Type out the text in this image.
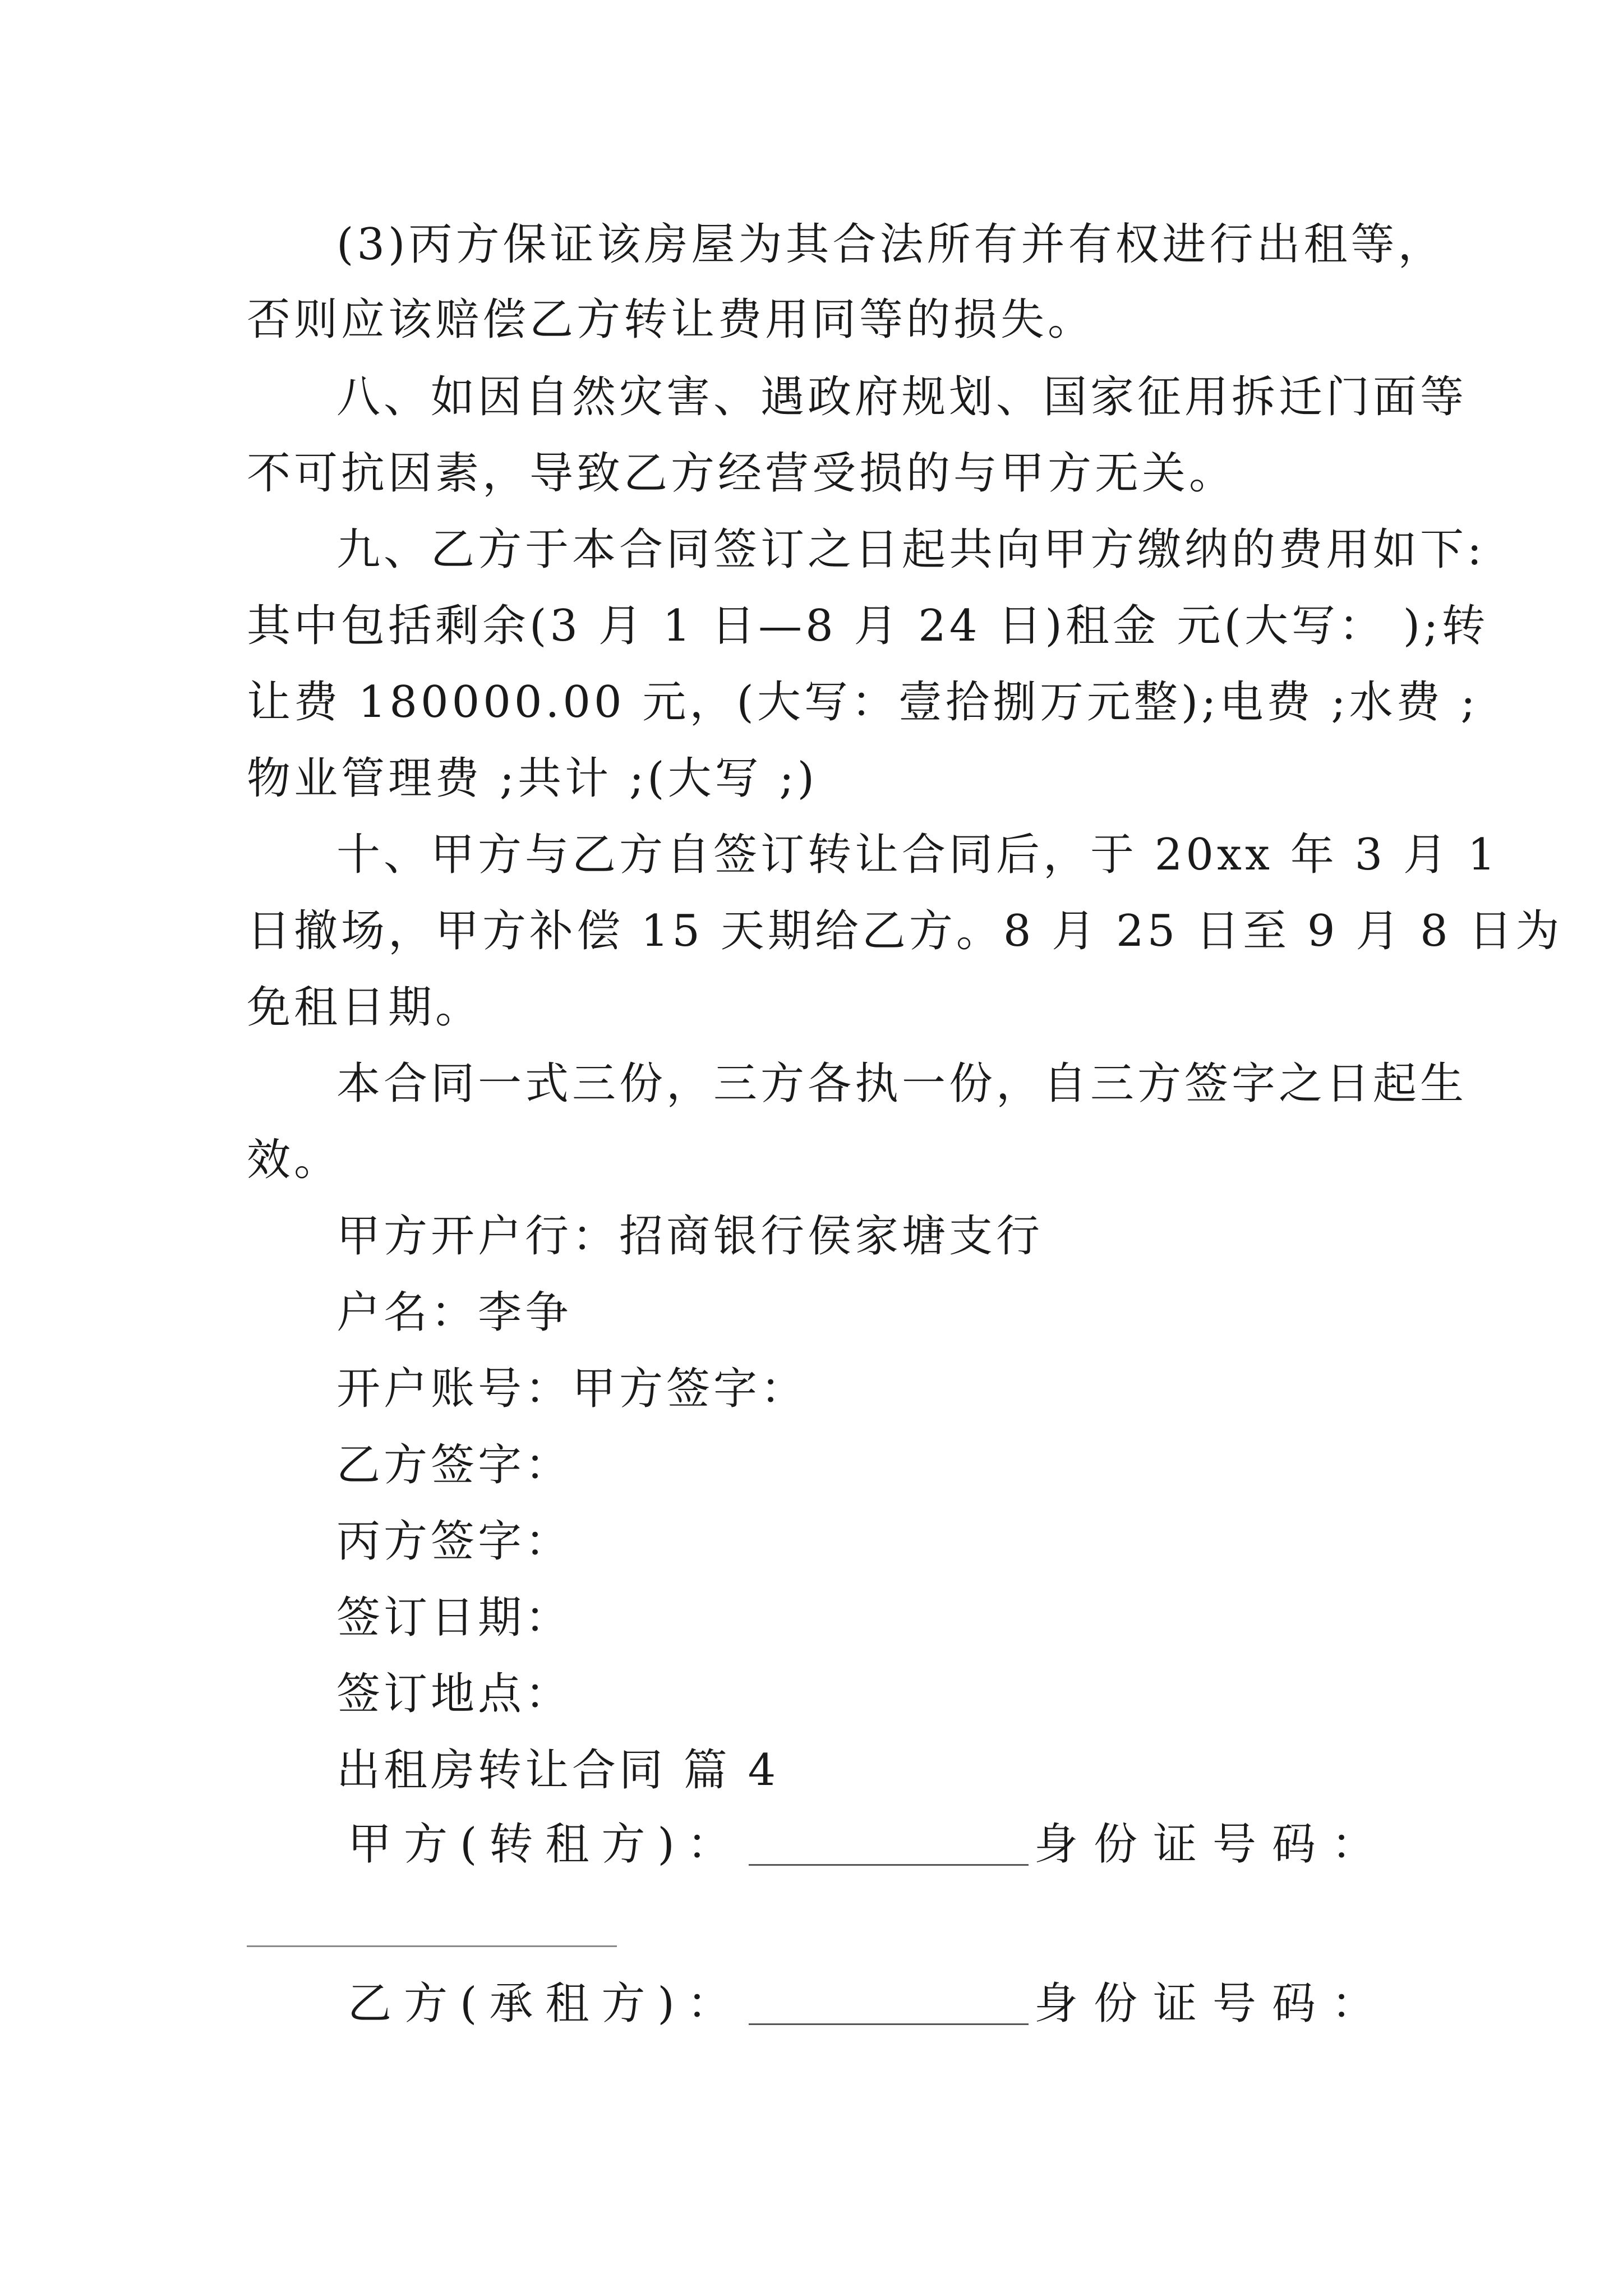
(3)丙方保证该房屋为其合法所有并有权进行出租等，
否则应该赔偿乙方转让费用同等的损失。
八、如因自然灾害、遇政府规划、国家征用拆迁门面等
不可抗因素，导致乙方经营受损的与甲方无关。
九、乙方于本合同签订之日起共向甲方缴纳的费用如下:
其中包括剩余(3 月 1 日—8 月 24 日)租金 元(大写： );转
让费 180000.00 元，(大写：壹拾捌万元整);电费 ;水费 ;
物业管理费 ;共计 ;(大写 ;)
十、甲方与乙方自签订转让合同后，于 20xx 年 3 月 1
日撤场，甲方补偿 15 天期给乙方。8 月 25 日至 9 月 8 日为
免租日期。
本合同一式三份，三方各执一份，自三方签字之日起生
效。
甲方开户行：招商银行侯家塘支行
户名：李争
开户账号：甲方签字：
乙方签字：
丙方签字：
签订日期：
签订地点：
出租房转让合同 篇 4
甲方(转租方)：	身份证号码：
乙方(承租方)：	身份证号码：
